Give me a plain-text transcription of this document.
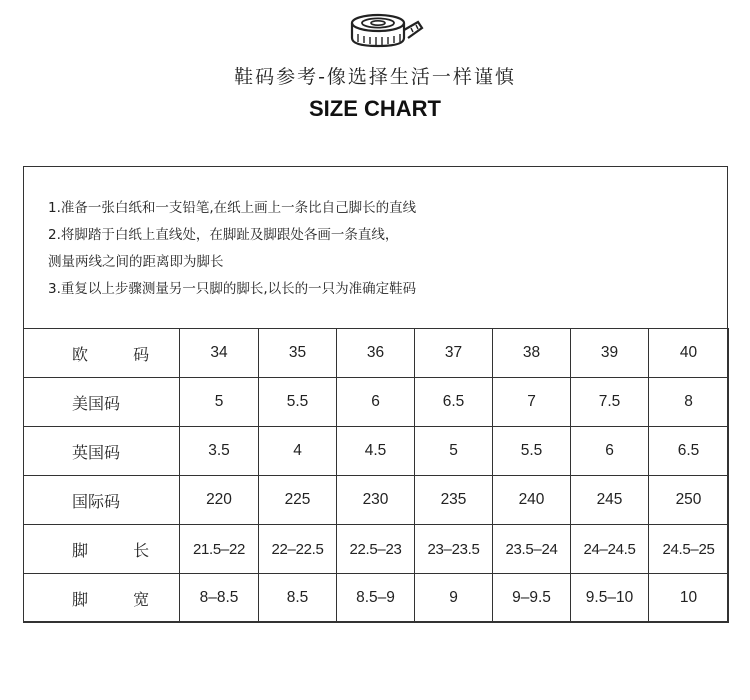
鞋码参考-像选择生活一样谨慎
SIZE CHART
1.准备一张白纸和一支铅笔,在纸上画上一条比自己脚长的直线
2.将脚踏于白纸上直线处，在脚趾及脚跟处各画一条直线，
测量两线之间的距离即为脚长
3.重复以上步骤测量另一只脚的脚长,以长的一只为准确定鞋码
欧 码	34	35	36	37	38	39	40
美国码	5	5.5	6	6.5	7	7.5	8
英国码	3.5	4	4.5	5	5.5	6	6.5
国际码	220	225	230	235	240	245	250
脚 长	21.5–22	22–22.5	22.5–23	23–23.5	23.5–24	24–24.5	24.5–25
脚 宽	8–8.5	8.5	8.5–9	9	9–9.5	9.5–10	10
